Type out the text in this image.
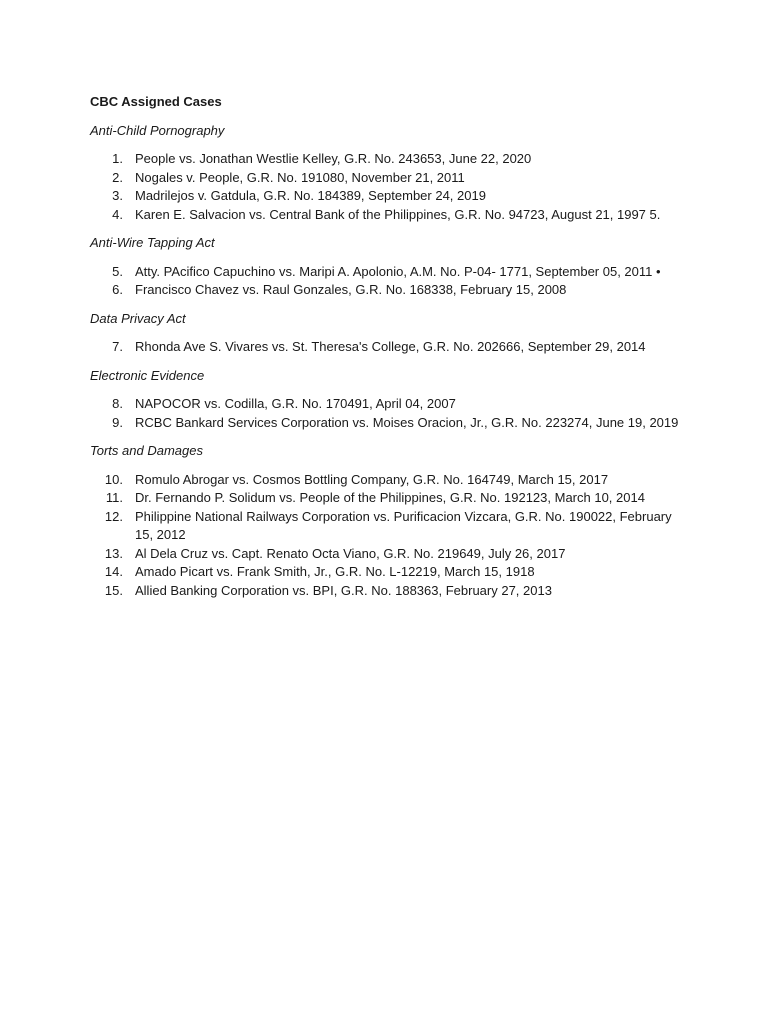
CBC Assigned Cases

Anti-Child Pornography

1. People vs. Jonathan Westlie Kelley, G.R. No. 243653, June 22, 2020
2. Nogales v. People, G.R. No. 191080, November 21, 2011
3. Madrilejos v. Gatdula, G.R. No. 184389, September 24, 2019
4. Karen E. Salvacion vs. Central Bank of the Philippines, G.R. No. 94723, August 21, 1997 5.

Anti-Wire Tapping Act

5. Atty. PAcifico Capuchino vs. Maripi A. Apolonio, A.M. No. P-04- 1771, September 05, 2011 •
6. Francisco Chavez vs. Raul Gonzales, G.R. No. 168338, February 15, 2008

Data Privacy Act

7. Rhonda Ave S. Vivares vs. St. Theresa's College, G.R. No. 202666, September 29, 2014

Electronic Evidence

8. NAPOCOR vs. Codilla, G.R. No. 170491, April 04, 2007
9. RCBC Bankard Services Corporation vs. Moises Oracion, Jr., G.R. No. 223274, June 19, 2019

Torts and Damages

10. Romulo Abrogar vs. Cosmos Bottling Company, G.R. No. 164749, March 15, 2017
11. Dr. Fernando P. Solidum vs. People of the Philippines, G.R. No. 192123, March 10, 2014
12. Philippine National Railways Corporation vs. Purificacion Vizcara, G.R. No. 190022, February 15, 2012
13. Al Dela Cruz vs. Capt. Renato Octa Viano, G.R. No. 219649, July 26, 2017
14. Amado Picart vs. Frank Smith, Jr., G.R. No. L-12219, March 15, 1918
15. Allied Banking Corporation vs. BPI, G.R. No. 188363, February 27, 2013
